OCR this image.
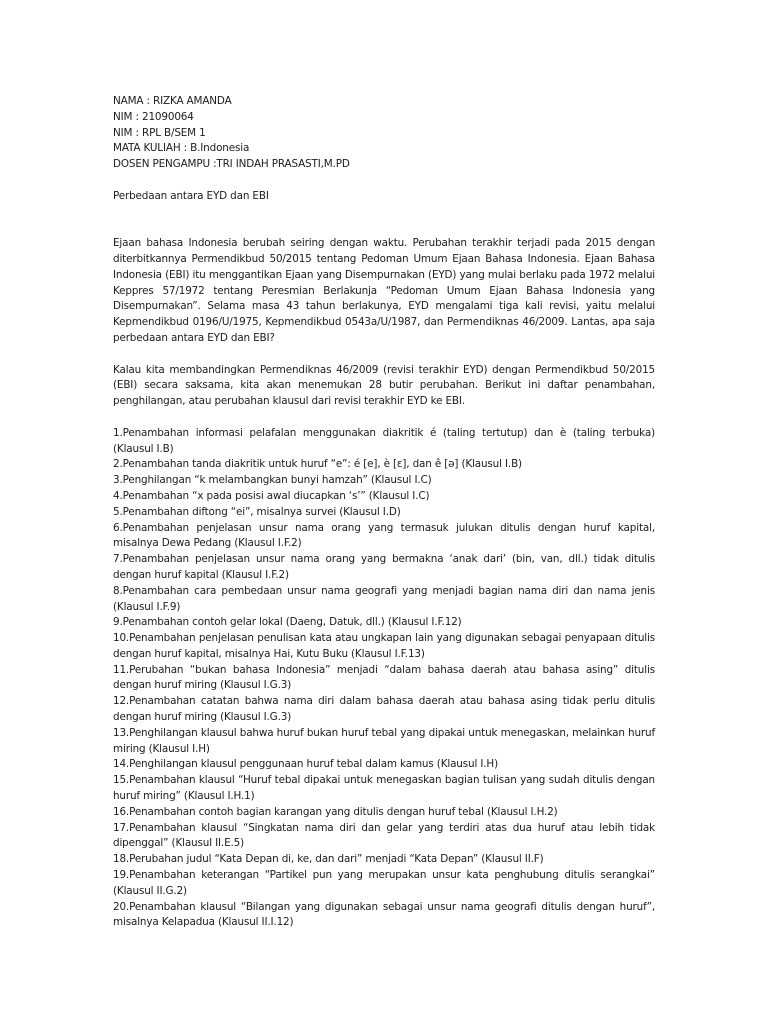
NAMA : RIZKA AMANDA

NIM : 21090064

NIM : RPL B/SEM 1

MATA KULIAH : B.Indonesia

DOSEN PENGAMPU :TRI INDAH PRASASTI,M.PD

Perbedaan antara EYD dan EBI

Ejaan bahasa Indonesia berubah seiring dengan waktu. Perubahan terakhir terjadi pada 2015 dengan diterbitkannya Permendikbud 50/2015 tentang Pedoman Umum Ejaan Bahasa Indonesia. Ejaan Bahasa Indonesia (EBI) itu menggantikan Ejaan yang Disempurnakan (EYD) yang mulai berlaku pada 1972 melalui Keppres 57/1972 tentang Peresmian Berlakunja “Pedoman Umum Ejaan Bahasa Indonesia yang Disempurnakan”. Selama masa 43 tahun berlakunya, EYD mengalami tiga kali revisi, yaitu melalui Kepmendikbud 0196/U/1975, Kepmendikbud 0543a/U/1987, dan Permendiknas 46/2009. Lantas, apa saja perbedaan antara EYD dan EBI?

Kalau kita membandingkan Permendiknas 46/2009 (revisi terakhir EYD) dengan Permendikbud 50/2015 (EBI) secara saksama, kita akan menemukan 28 butir perubahan. Berikut ini daftar penambahan, penghilangan, atau perubahan klausul dari revisi terakhir EYD ke EBI.

1.Penambahan informasi pelafalan menggunakan diakritik é (taling tertutup) dan è (taling terbuka) (Klausul I.B)

2.Penambahan tanda diakritik untuk huruf “e”: é [e], è [ɛ], dan ê [ə] (Klausul I.B)

3.Penghilangan “k melambangkan bunyi hamzah” (Klausul I.C)

4.Penambahan “x pada posisi awal diucapkan ‘s’” (Klausul I.C)

5.Penambahan diftong “ei”, misalnya survei (Klausul I.D)

6.Penambahan penjelasan unsur nama orang yang termasuk julukan ditulis dengan huruf kapital, misalnya Dewa Pedang (Klausul I.F.2)

7.Penambahan penjelasan unsur nama orang yang bermakna ‘anak dari’ (bin, van, dll.) tidak ditulis dengan huruf kapital (Klausul I.F.2)

8.Penambahan cara pembedaan unsur nama geografi yang menjadi bagian nama diri dan nama jenis (Klausul I.F.9)

9.Penambahan contoh gelar lokal (Daeng, Datuk, dll.) (Klausul I.F.12)

10.Penambahan penjelasan penulisan kata atau ungkapan lain yang digunakan sebagai penyapaan ditulis dengan huruf kapital, misalnya Hai, Kutu Buku (Klausul I.F.13)

11.Perubahan “bukan bahasa Indonesia” menjadi “dalam bahasa daerah atau bahasa asing” ditulis dengan huruf miring (Klausul I.G.3)

12.Penambahan catatan bahwa nama diri dalam bahasa daerah atau bahasa asing tidak perlu ditulis dengan huruf miring (Klausul I.G.3)

13.Penghilangan klausul bahwa huruf bukan huruf tebal yang dipakai untuk menegaskan, melainkan huruf miring (Klausul I.H)

14.Penghilangan klausul penggunaan huruf tebal dalam kamus (Klausul I.H)

15.Penambahan klausul “Huruf tebal dipakai untuk menegaskan bagian tulisan yang sudah ditulis dengan huruf miring” (Klausul I.H.1)

16.Penambahan contoh bagian karangan yang ditulis dengan huruf tebal (Klausul I.H.2)

17.Penambahan klausul “Singkatan nama diri dan gelar yang terdiri atas dua huruf atau lebih tidak dipenggal” (Klausul II.E.5)

18.Perubahan judul “Kata Depan di, ke, dan dari” menjadi “Kata Depan” (Klausul II.F)

19.Penambahan keterangan “Partikel pun yang merupakan unsur kata penghubung ditulis serangkai” (Klausul II.G.2)

20.Penambahan klausul “Bilangan yang digunakan sebagai unsur nama geografi ditulis dengan huruf”, misalnya Kelapadua (Klausul II.I.12)
